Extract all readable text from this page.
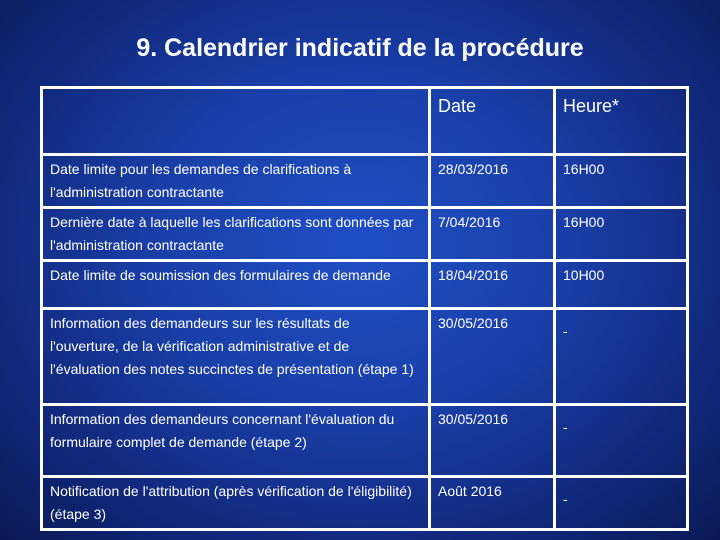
9. Calendrier indicatif de la procédure
	Date	Heure*
Date limite pour les demandes de clarifications à l'administration contractante	28/03/2016	16H00
Dernière date à laquelle les clarifications sont données par l'administration contractante	7/04/2016	16H00
Date limite de soumission des formulaires de demande	18/04/2016	10H00
Information des demandeurs sur les résultats de l'ouverture, de la vérification administrative et de l'évaluation des notes succinctes de présentation (étape 1)	30/05/2016	-
Information des demandeurs concernant l'évaluation du formulaire complet de demande (étape 2)	30/05/2016	-
Notification de l'attribution (après vérification de l'éligibilité) (étape 3)	Août 2016	-
